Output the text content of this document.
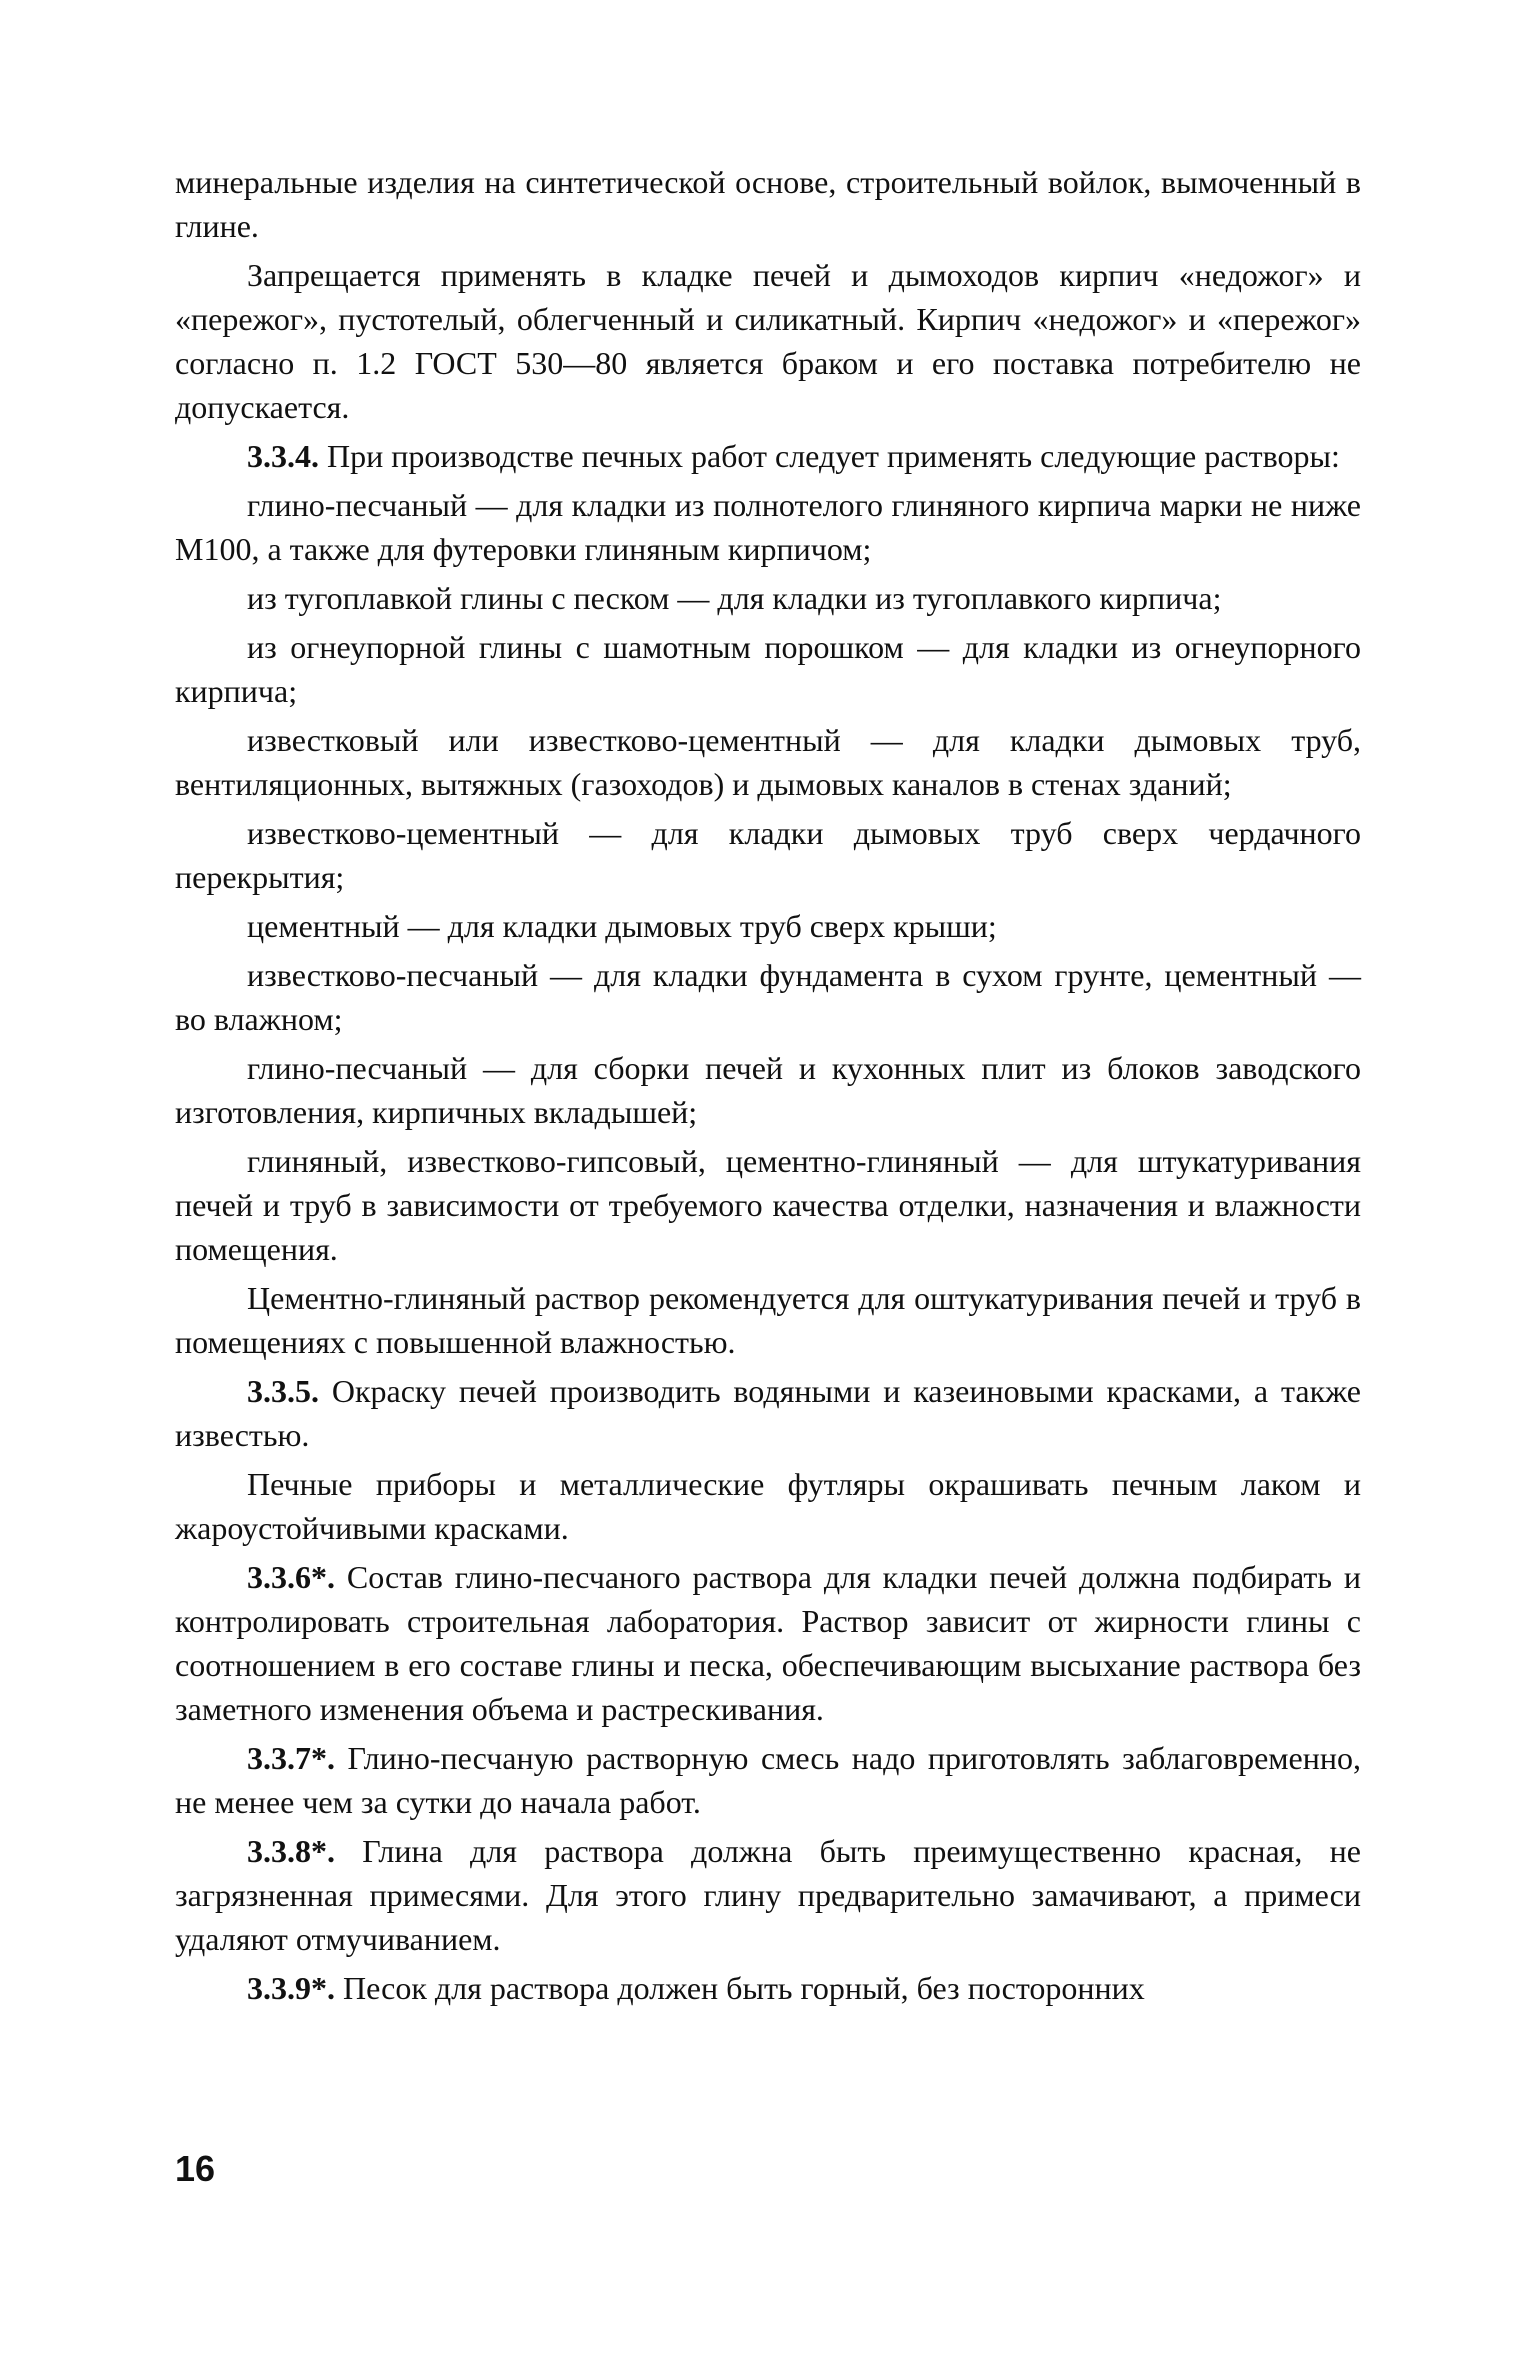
минеральные изделия на синтетической основе, строительный войлок, вымоченный в глине.

Запрещается применять в кладке печей и дымоходов кирпич «недожог» и «пережог», пустотелый, облегченный и силикатный. Кирпич «недожог» и «пережог» согласно п. 1.2 ГОСТ 530—80 является браком и его поставка потребителю не допускается.

3.3.4. При производстве печных работ следует применять следующие растворы:

глино-песчаный — для кладки из полнотелого глиняного кирпича марки не ниже М100, а также для футеровки глиняным кирпичом;

из тугоплавкой глины с песком — для кладки из тугоплавкого кирпича;

из огнеупорной глины с шамотным порошком — для кладки из огнеупорного кирпича;

известковый или известково-цементный — для кладки дымовых труб, вентиляционных, вытяжных (газоходов) и дымовых каналов в стенах зданий;

известково-цементный — для кладки дымовых труб сверх чердачного перекрытия;

цементный — для кладки дымовых труб сверх крыши;

известково-песчаный — для кладки фундамента в сухом грунте, цементный — во влажном;

глино-песчаный — для сборки печей и кухонных плит из блоков заводского изготовления, кирпичных вкладышей;

глиняный, известково-гипсовый, цементно-глиняный — для штукатуривания печей и труб в зависимости от требуемого качества отделки, назначения и влажности помещения.

Цементно-глиняный раствор рекомендуется для оштукатуривания печей и труб в помещениях с повышенной влажностью.

3.3.5. Окраску печей производить водяными и казеиновыми красками, а также известью.

Печные приборы и металлические футляры окрашивать печным лаком и жароустойчивыми красками.

3.3.6*. Состав глино-песчаного раствора для кладки печей должна подбирать и контролировать строительная лаборатория. Раствор зависит от жирности глины с соотношением в его составе глины и песка, обеспечивающим высыхание раствора без заметного изменения объема и растрескивания.

3.3.7*. Глино-песчаную растворную смесь надо приготовлять заблаговременно, не менее чем за сутки до начала работ.

3.3.8*. Глина для раствора должна быть преимущественно красная, не загрязненная примесями. Для этого глину предварительно замачивают, а примеси удаляют отмучиванием.

3.3.9*. Песок для раствора должен быть горный, без посторонних

16
